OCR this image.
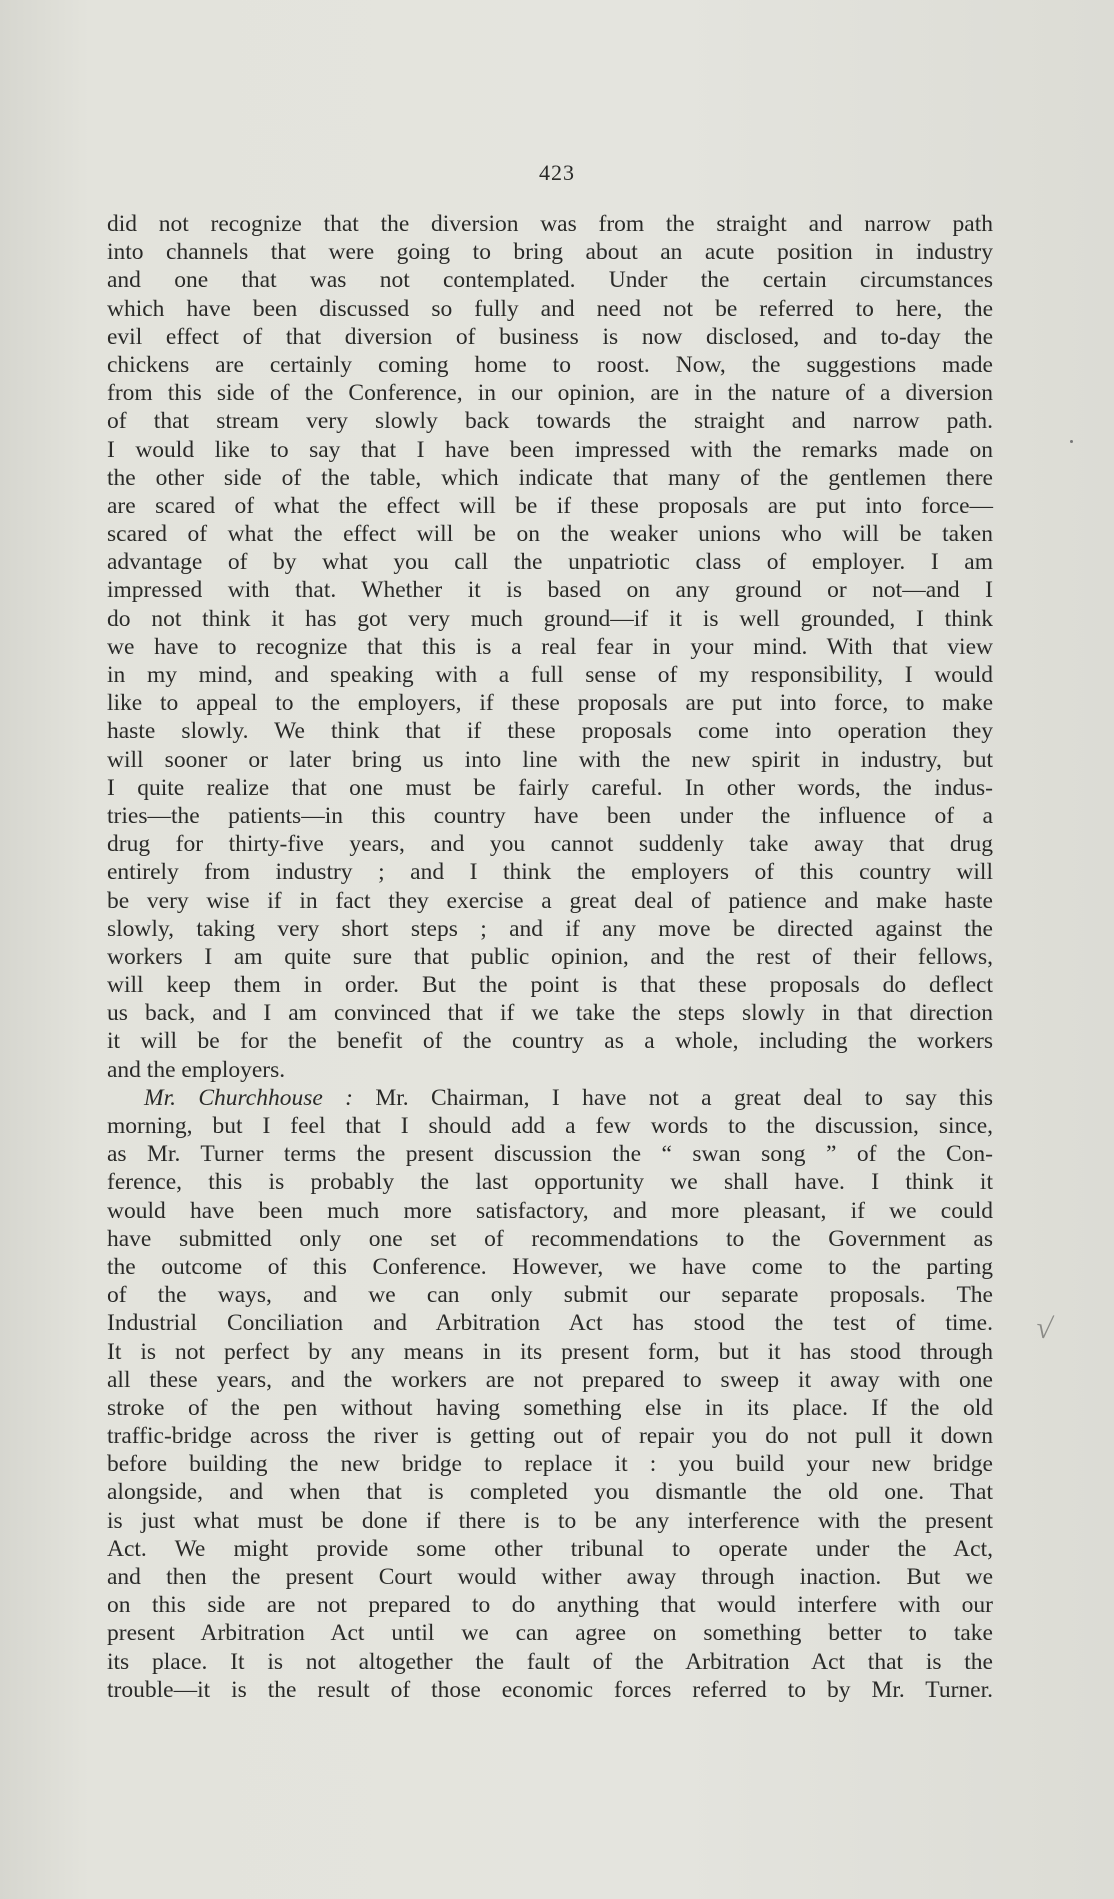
423
did not recognize that the diversion was from the straight and narrow path
into channels that were going to bring about an acute position in industry
and one that was not contemplated. Under the certain circumstances
which have been discussed so fully and need not be referred to here, the
evil effect of that diversion of business is now disclosed, and to-day the
chickens are certainly coming home to roost. Now, the suggestions made
from this side of the Conference, in our opinion, are in the nature of a diversion
of that stream very slowly back towards the straight and narrow path.
I would like to say that I have been impressed with the remarks made on
the other side of the table, which indicate that many of the gentlemen there
are scared of what the effect will be if these proposals are put into force—
scared of what the effect will be on the weaker unions who will be taken
advantage of by what you call the unpatriotic class of employer. I am
impressed with that. Whether it is based on any ground or not—and I
do not think it has got very much ground—if it is well grounded, I think
we have to recognize that this is a real fear in your mind. With that view
in my mind, and speaking with a full sense of my responsibility, I would
like to appeal to the employers, if these proposals are put into force, to make
haste slowly. We think that if these proposals come into operation they
will sooner or later bring us into line with the new spirit in industry, but
I quite realize that one must be fairly careful. In other words, the indus-
tries—the patients—in this country have been under the influence of a
drug for thirty-five years, and you cannot suddenly take away that drug
entirely from industry ; and I think the employers of this country will
be very wise if in fact they exercise a great deal of patience and make haste
slowly, taking very short steps ; and if any move be directed against the
workers I am quite sure that public opinion, and the rest of their fellows,
will keep them in order. But the point is that these proposals do deflect
us back, and I am convinced that if we take the steps slowly in that direction
it will be for the benefit of the country as a whole, including the workers
and the employers.
Mr. Churchhouse : Mr. Chairman, I have not a great deal to say this
morning, but I feel that I should add a few words to the discussion, since,
as Mr. Turner terms the present discussion the “ swan song ” of the Con-
ference, this is probably the last opportunity we shall have. I think it
would have been much more satisfactory, and more pleasant, if we could
have submitted only one set of recommendations to the Government as
the outcome of this Conference. However, we have come to the parting
of the ways, and we can only submit our separate proposals. The
Industrial Conciliation and Arbitration Act has stood the test of time.
It is not perfect by any means in its present form, but it has stood through
all these years, and the workers are not prepared to sweep it away with one
stroke of the pen without having something else in its place. If the old
traffic-bridge across the river is getting out of repair you do not pull it down
before building the new bridge to replace it : you build your new bridge
alongside, and when that is completed you dismantle the old one. That
is just what must be done if there is to be any interference with the present
Act. We might provide some other tribunal to operate under the Act,
and then the present Court would wither away through inaction. But we
on this side are not prepared to do anything that would interfere with our
present Arbitration Act until we can agree on something better to take
its place. It is not altogether the fault of the Arbitration Act that is the
trouble—it is the result of those economic forces referred to by Mr. Turner.
√
